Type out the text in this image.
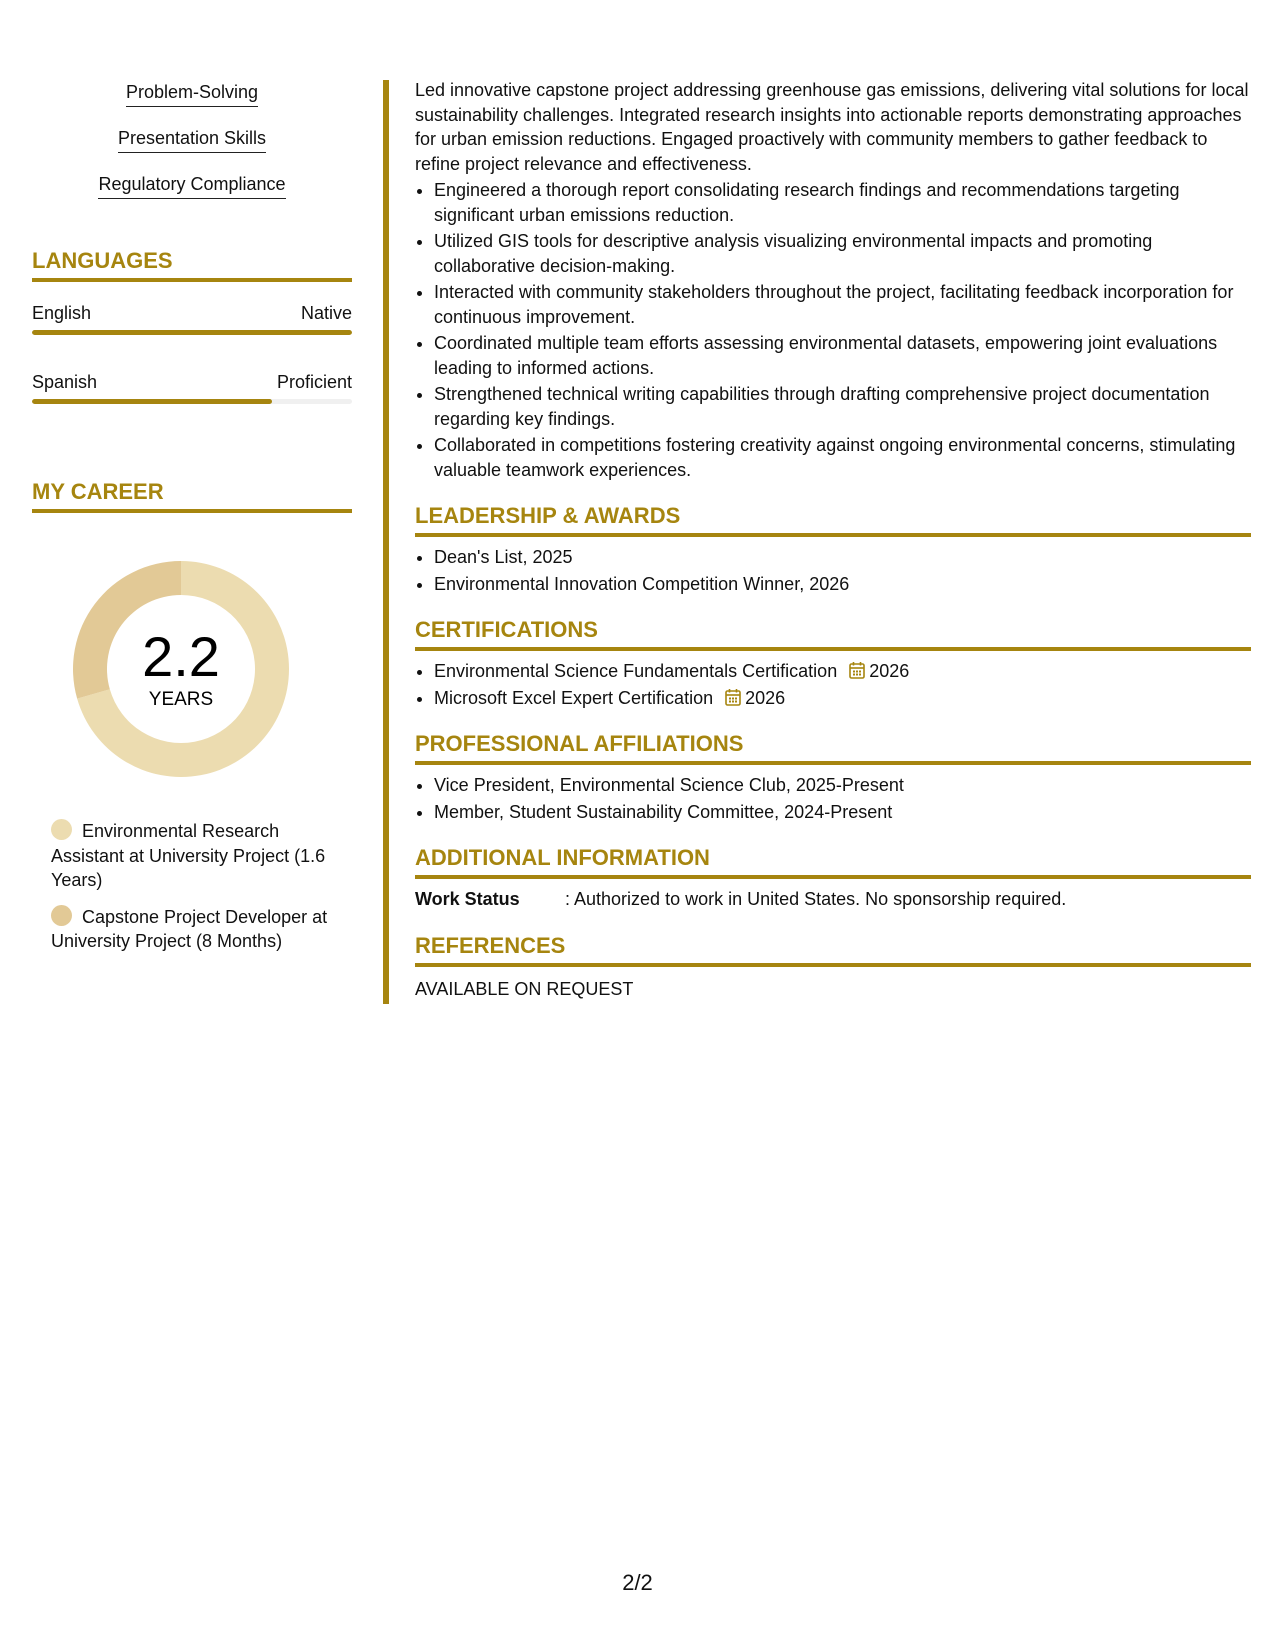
Problem-Solving
Presentation Skills
Regulatory Compliance
LANGUAGES
English	Native
Spanish	Proficient
MY CAREER
2.2
YEARS
Environmental Research Assistant at University Project (1.6 Years)
Capstone Project Developer at University Project (8 Months)

Led innovative capstone project addressing greenhouse gas emissions, delivering vital solutions for local sustainability challenges. Integrated research insights into actionable reports demonstrating approaches for urban emission reductions. Engaged proactively with community members to gather feedback to refine project relevance and effectiveness.

• Engineered a thorough report consolidating research findings and recommendations targeting significant urban emissions reduction.
• Utilized GIS tools for descriptive analysis visualizing environmental impacts and promoting collaborative decision-making.
• Interacted with community stakeholders throughout the project, facilitating feedback incorporation for continuous improvement.
• Coordinated multiple team efforts assessing environmental datasets, empowering joint evaluations leading to informed actions.
• Strengthened technical writing capabilities through drafting comprehensive project documentation regarding key findings.
• Collaborated in competitions fostering creativity against ongoing environmental concerns, stimulating valuable teamwork experiences.
LEADERSHIP & AWARDS
• Dean's List, 2025
• Environmental Innovation Competition Winner, 2026
CERTIFICATIONS
• Environmental Science Fundamentals Certification 2026
• Microsoft Excel Expert Certification 2026
PROFESSIONAL AFFILIATIONS
• Vice President, Environmental Science Club, 2025-Present
• Member, Student Sustainability Committee, 2024-Present
ADDITIONAL INFORMATION
Work Status	: Authorized to work in United States. No sponsorship required.
REFERENCES

AVAILABLE ON REQUEST

2/2
